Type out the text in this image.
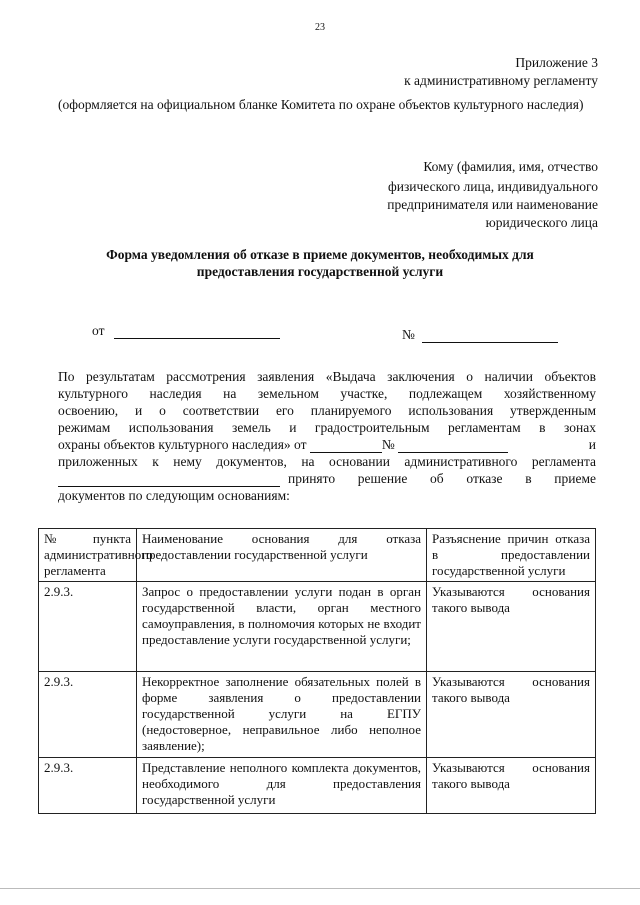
23
Приложение 3
к административному регламенту
(оформляется на официальном бланке Комитета по охране объектов культурного наследия)
Кому (фамилия, имя, отчество
физического лица, индивидуального
предпринимателя или наименование
юридического лица
Форма уведомления об отказе в приеме документов, необходимых для
предоставления государственной услуги
от	№
По результатам рассмотрения заявления «Выдача заключения о наличии объектов
культурного наследия на земельном участке, подлежащем хозяйственному
освоению, и о соответствии его планируемого использования утвержденным
режимам использования земель и градостроительным регламентам в зонах
охраны объектов культурного наследия» от	№	и
приложенных к нему документов, на основании административного регламента
принято решение об отказе в приеме
документов по следующим основаниям:
№ пункта административного регламента	Наименование основания для отказа предоставлении государственной услуги	Разъяснение причин отказа в предоставлении государственной услуги
2.9.3.	Запрос о предоставлении услуги подан в орган государственной власти, орган местного самоуправления, в полномочия которых не входит предоставление услуги государственной услуги;	Указываются основания такого вывода
2.9.3.	Некорректное заполнение обязательных полей в форме заявления о предоставлении государственной услуги на ЕГПУ (недостоверное, неправильное либо неполное заявление);	Указываются основания такого вывода
2.9.3.	Представление неполного комплекта документов, необходимого для предоставления государственной услуги	Указываются основания такого вывода
